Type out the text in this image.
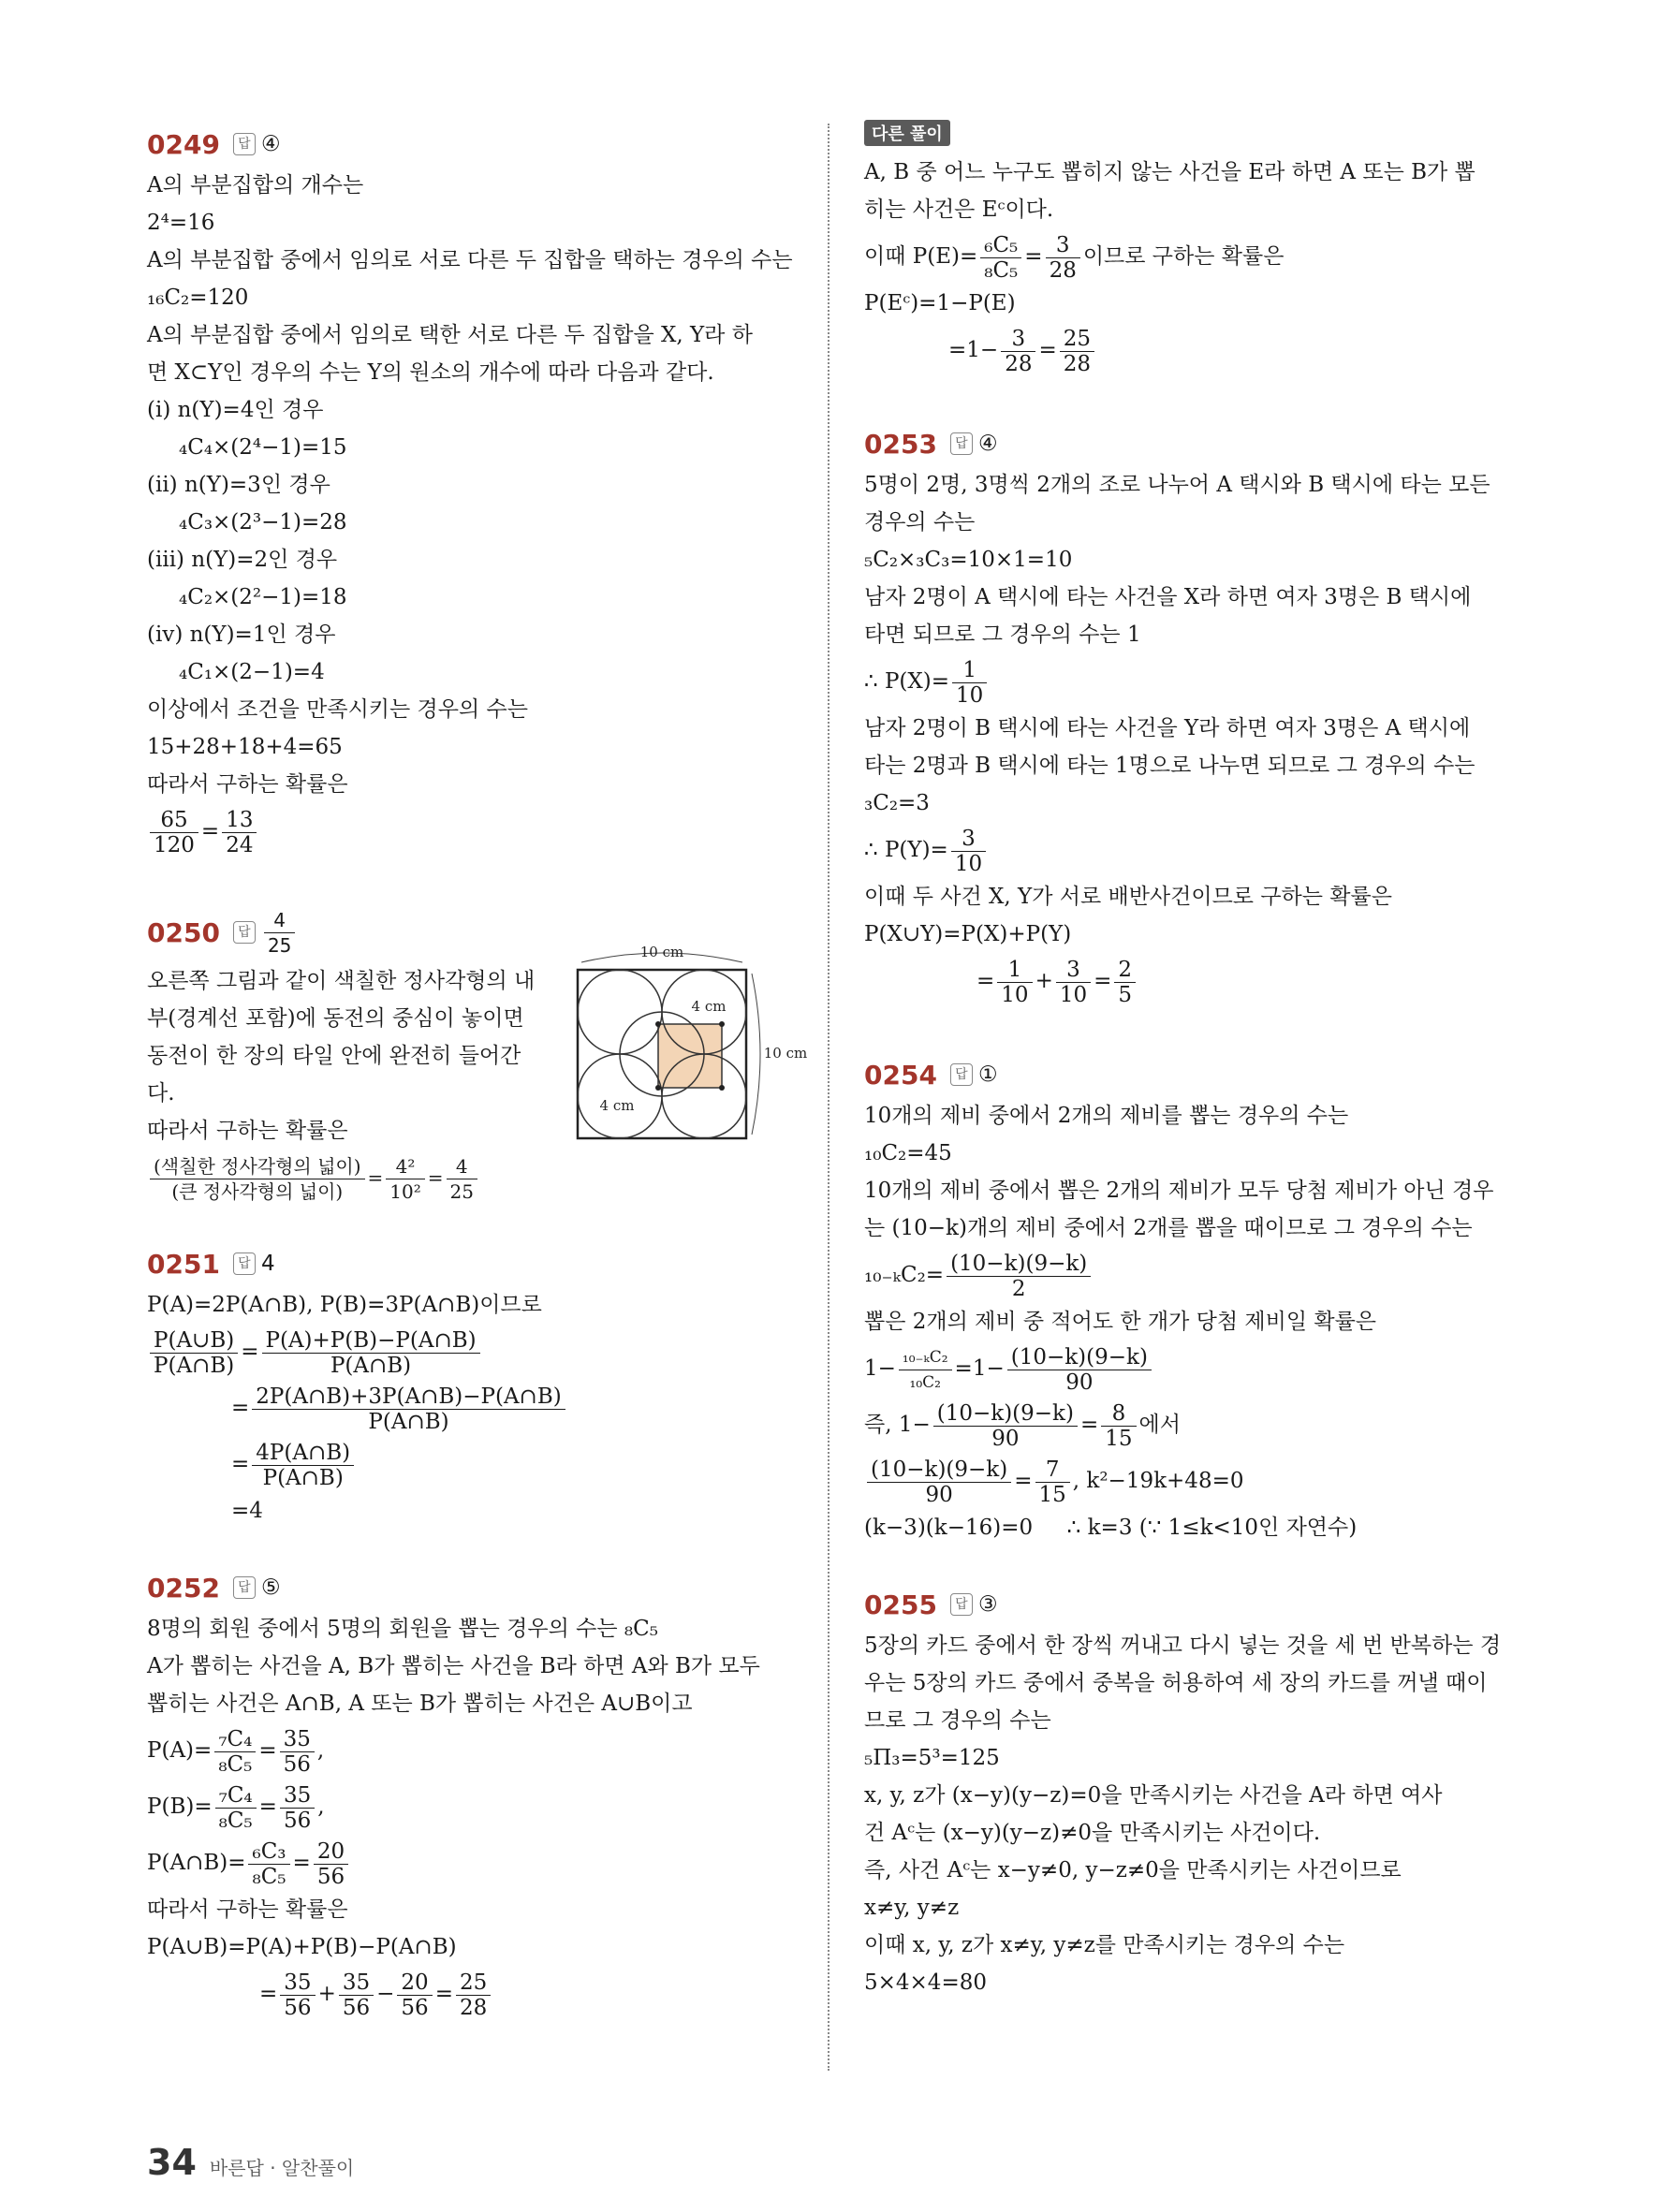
0249	답 ④
A의 부분집합의 개수는
2⁴=16
A의 부분집합 중에서 임의로 서로 다른 두 집합을 택하는 경우의 수는
₁₆C₂=120
A의 부분집합 중에서 임의로 택한 서로 다른 두 집합을 X, Y라 하
면 X⊂Y인 경우의 수는 Y의 원소의 개수에 따라 다음과 같다.
(ⅰ) n(Y)=4인 경우
₄C₄×(2⁴−1)=15
(ⅱ) n(Y)=3인 경우
₄C₃×(2³−1)=28
(ⅲ) n(Y)=2인 경우
₄C₂×(2²−1)=18
(ⅳ) n(Y)=1인 경우
₄C₁×(2−1)=4
이상에서 조건을 만족시키는 경우의 수는
15+28+18+4=65
따라서 구하는 확률은
$\frac{65}{120} = \frac{13}{24}$
0250	답 $\frac{4}{25}$
오른쪽 그림과 같이 색칠한 정사각형의 내
부(경계선 포함)에 동전의 중심이 놓이면
동전이 한 장의 타일 안에 완전히 들어간
다.
따라서 구하는 확률은
$\frac{\text{(색칠한 정사각형의 넓이)}}{\text{(큰 정사각형의 넓이)}} = \frac{\text{4²}}{\text{10²}} = \frac{4}{25}$
10 cm
10 cm
4 cm
4 cm
0251	답 4
P(A)=2P(A∩B), P(B)=3P(A∩B)이므로
$\frac{P(A\cup B)}{P(A\cap B)} = \frac{P(A)+P(B)-P(A\cap B)}{P(A\cap B)}$
= $\frac{2P(A\cap B)+3P(A\cap B)-P(A\cap B)}{P(A\cap B)}$
= $\frac{4P(A\cap B)}{P(A\cap B)}$
=4
0252	답 ⑤
8명의 회원 중에서 5명의 회원을 뽑는 경우의 수는 ₈C₅
A가 뽑히는 사건을 A, B가 뽑히는 사건을 B라 하면 A와 B가 모두
뽑히는 사건은 A∩B, A 또는 B가 뽑히는 사건은 A∪B이고
$P(A)= \frac{\text{₇C₄}}{\text{₈C₅}} = \frac{35}{56}$ ,
$P(B)= \frac{\text{₇C₄}}{\text{₈C₅}} = \frac{35}{56}$ ,
P(A∩B)= $\frac{\text{₆C₃}}{\text{₈C₅}} = \frac{20}{56}$
따라서 구하는 확률은
P(A∪B)=P(A)+P(B)−P(A∩B)
= $\frac{35}{56} + \frac{35}{56} - \frac{20}{56} = \frac{25}{28}$
다른 풀이
A, B 중 어느 누구도 뽑히지 않는 사건을 E라 하면 A 또는 B가 뽑
히는 사건은 Eᶜ이다.
이때 $P(E)= \frac{\text{₆C₅}}{\text{₈C₅}} = \frac{3}{28}$ 이므로 구하는 확률은
P(Eᶜ)=1−P(E)
$=1- \frac{3}{28} = \frac{25}{28}$
0253	답 ④
5명이 2명, 3명씩 2개의 조로 나누어 A 택시와 B 택시에 타는 모든
경우의 수는
₅C₂×₃C₃=10×1=10
남자 2명이 A 택시에 타는 사건을 X라 하면 여자 3명은 B 택시에
타면 되므로 그 경우의 수는 1
∴ $P(X)= \frac{1}{10}$
남자 2명이 B 택시에 타는 사건을 Y라 하면 여자 3명은 A 택시에
타는 2명과 B 택시에 타는 1명으로 나누면 되므로 그 경우의 수는
₃C₂=3
∴ $P(Y)= \frac{3}{10}$
이때 두 사건 X, Y가 서로 배반사건이므로 구하는 확률은
P(X∪Y)=P(X)+P(Y)
= $\frac{1}{10} + \frac{3}{10} = \frac{2}{5}$
0254	답 ①
10개의 제비 중에서 2개의 제비를 뽑는 경우의 수는
₁₀C₂=45
10개의 제비 중에서 뽑은 2개의 제비가 모두 당첨 제비가 아닌 경우
는 (10−k)개의 제비 중에서 2개를 뽑을 때이므로 그 경우의 수는
$_{10-k}C_2= \frac{(10-k)(9-k)}{2}$
뽑은 2개의 제비 중 적어도 한 개가 당첨 제비일 확률은
$1- \frac{\text{₁₀₋ₖC₂}}{\text{₁₀C₂}} =1- \frac{(10-k)(9-k)}{90}$
즉, $1- \frac{(10-k)(9-k)}{90} = \frac{8}{15}$ 에서
$\frac{(10-k)(9-k)}{90} = \frac{7}{15}$ , k²−19k+48=0
(k−3)(k−16)=0     ∴ k=3 (∵ 1≤k<10인 자연수)
0255	답 ③
5장의 카드 중에서 한 장씩 꺼내고 다시 넣는 것을 세 번 반복하는 경
우는 5장의 카드 중에서 중복을 허용하여 세 장의 카드를 꺼낼 때이
므로 그 경우의 수는
₅Π₃=5³=125
x, y, z가 (x−y)(y−z)=0을 만족시키는 사건을 A라 하면 여사
건 Aᶜ는 (x−y)(y−z)≠0을 만족시키는 사건이다.
즉, 사건 Aᶜ는 x−y≠0, y−z≠0을 만족시키는 사건이므로
x≠y, y≠z
이때 x, y, z가 x≠y, y≠z를 만족시키는 경우의 수는
5×4×4=80
34 바른답 · 알찬풀이
